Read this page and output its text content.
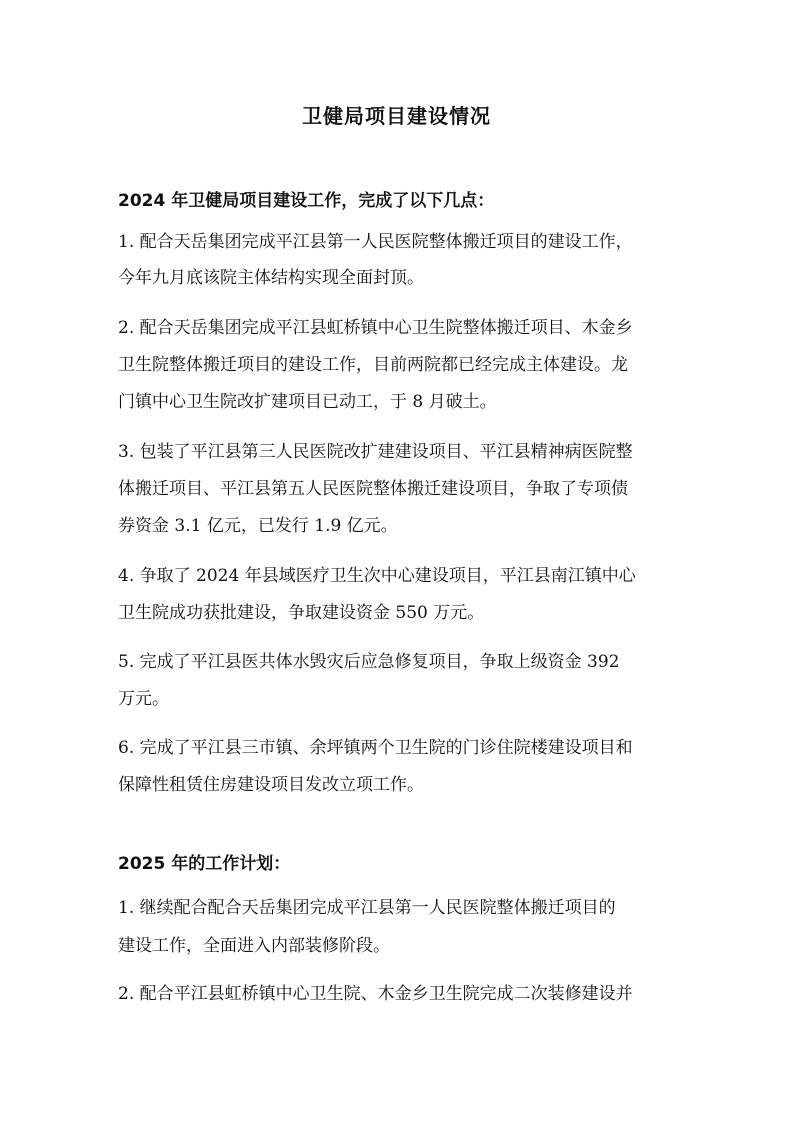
卫健局项目建设情况

2024 年卫健局项目建设工作，完成了以下几点：

1. 配合天岳集团完成平江县第一人民医院整体搬迁项目的建设工作，

今年九月底该院主体结构实现全面封顶。

2. 配合天岳集团完成平江县虹桥镇中心卫生院整体搬迁项目、木金乡

卫生院整体搬迁项目的建设工作，目前两院都已经完成主体建设。龙

门镇中心卫生院改扩建项目已动工，于 8 月破土。

3. 包装了平江县第三人民医院改扩建建设项目、平江县精神病医院整

体搬迁项目、平江县第五人民医院整体搬迁建设项目，争取了专项债

券资金 3.1 亿元，已发行 1.9 亿元。

4. 争取了 2024 年县域医疗卫生次中心建设项目，平江县南江镇中心

卫生院成功获批建设，争取建设资金 550 万元。

5. 完成了平江县医共体水毁灾后应急修复项目，争取上级资金 392

万元。

6. 完成了平江县三市镇、余坪镇两个卫生院的门诊住院楼建设项目和

保障性租赁住房建设项目发改立项工作。

2025 年的工作计划：

1. 继续配合配合天岳集团完成平江县第一人民医院整体搬迁项目的

建设工作，全面进入内部装修阶段。

2. 配合平江县虹桥镇中心卫生院、木金乡卫生院完成二次装修建设并
